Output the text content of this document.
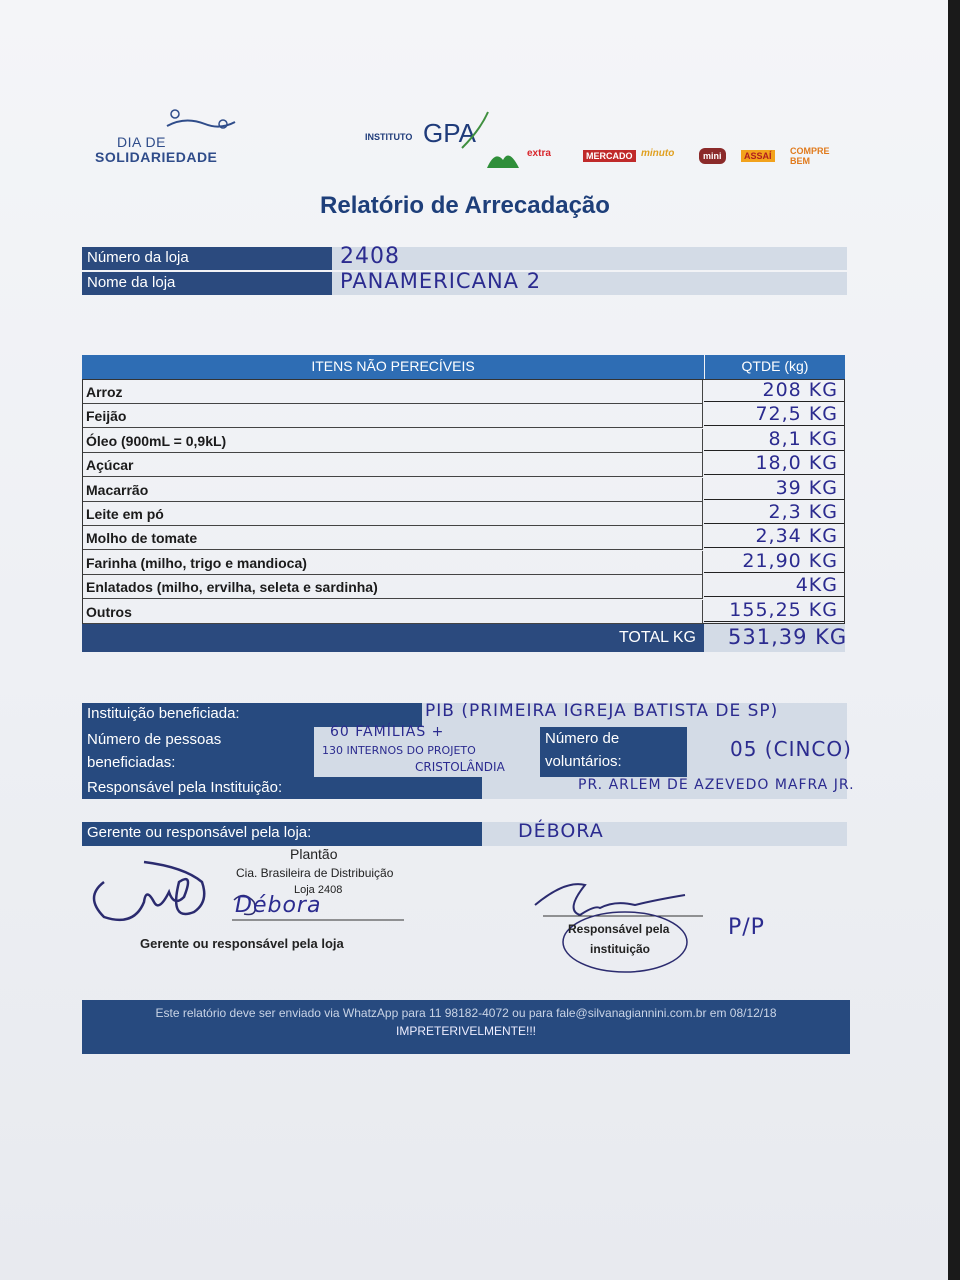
DIA DE
SOLIDARIEDADE
INSTITUTO GPA
extra	MERCADO minuto	mini	ASSAÍ	COMPRE BEM
Relatório de Arrecadação
Número da loja	2408
Nome da loja	PANAMERICANA 2
ITENS NÃO PERECÍVEIS	QTDE (kg)
Arroz	208 KG
Feijão	72,5 KG
Óleo (900mL = 0,9kL)	8,1 KG
Açúcar	18,0 KG
Macarrão	39 KG
Leite em pó	2,3 KG
Molho de tomate	2,34 KG
Farinha (milho, trigo e mandioca)	21,90 KG
Enlatados (milho, ervilha, seleta e sardinha)	4KG
Outros	155,25 KG
TOTAL KG	531,39 KG
Instituição beneficiada:	PIB (PRIMEIRA IGREJA BATISTA DE SP)
Número de pessoas
beneficiadas:
60 FAMÍLIAS +
130 INTERNOS DO PROJETO
CRISTOLÂNDIA
Número de
voluntários:
05 (CINCO)
Responsável pela Instituição:	PR. ARLEM DE AZEVEDO MAFRA JR.
Gerente ou responsável pela loja:	DÉBORA
Plantão
Cia. Brasileira de Distribuição
Loja 2408
Débora
Gerente ou responsável pela loja
Responsável pela
instituição
P/P
Este relatório deve ser enviado via WhatzApp para 11 98182-4072 ou para fale@silvanagiannini.com.br em 08/12/18
IMPRETERIVELMENTE!!!
